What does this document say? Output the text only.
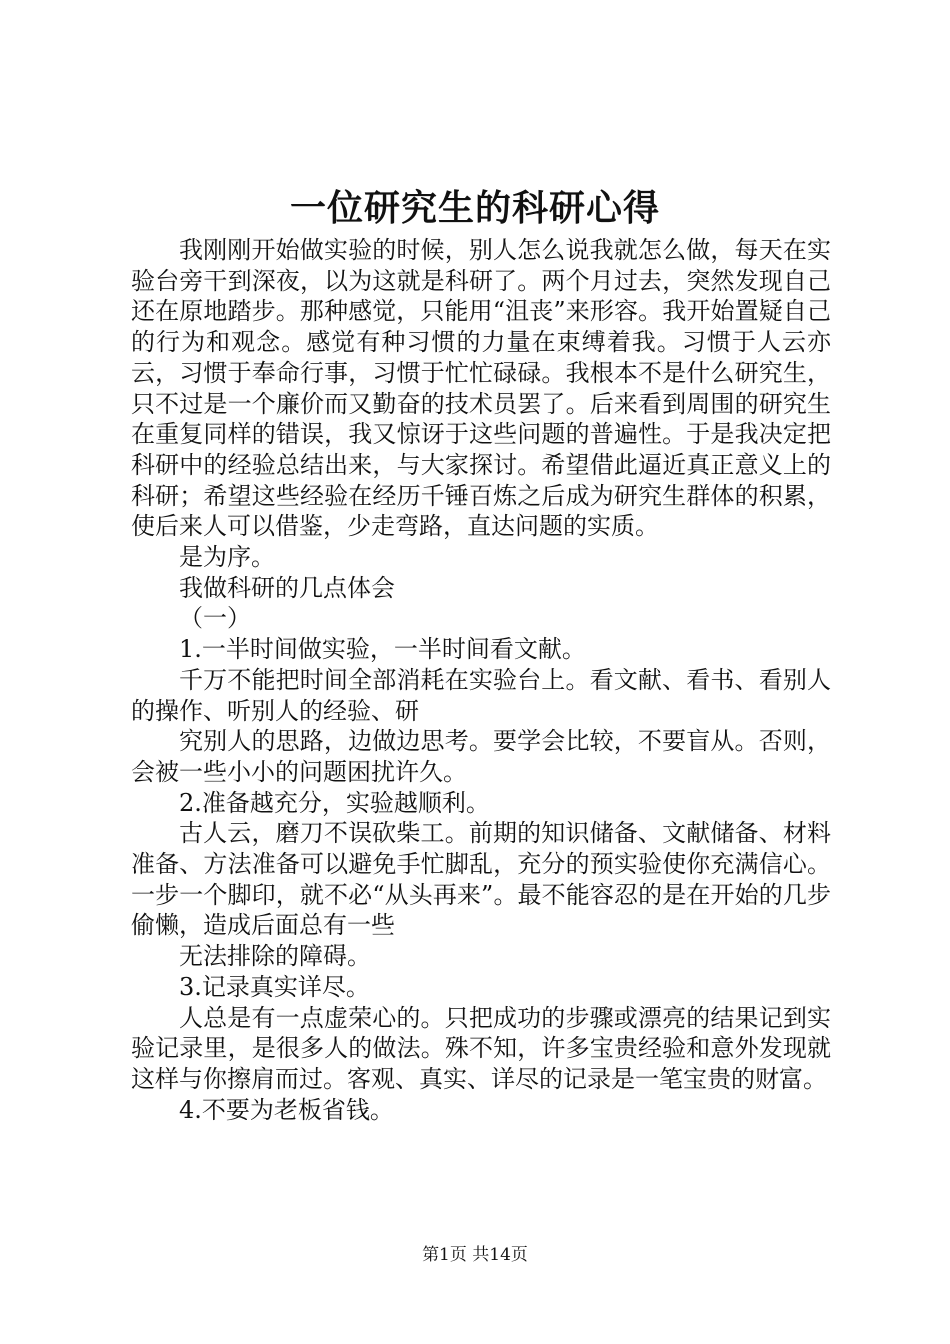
一位研究生的科研心得

我刚刚开始做实验的时候，别人怎么说我就怎么做，每天在实验台旁干到深夜，以为这就是科研了。两个月过去，突然发现自己还在原地踏步。那种感觉，只能用“沮丧”来形容。我开始置疑自己的行为和观念。感觉有种习惯的力量在束缚着我。习惯于人云亦云，习惯于奉命行事，习惯于忙忙碌碌。我根本不是什么研究生，只不过是一个廉价而又勤奋的技术员罢了。后来看到周围的研究生在重复同样的错误，我又惊讶于这些问题的普遍性。于是我决定把科研中的经验总结出来，与大家探讨。希望借此逼近真正意义上的科研；希望这些经验在经历千锤百炼之后成为研究生群体的积累，使后来人可以借鉴，少走弯路，直达问题的实质。

是为序。

我做科研的几点体会

（一）

1.一半时间做实验，一半时间看文献。

千万不能把时间全部消耗在实验台上。看文献、看书、看别人的操作、听别人的经验、研

究别人的思路，边做边思考。要学会比较，不要盲从。否则，会被一些小小的问题困扰许久。

2.准备越充分，实验越顺利。

古人云，磨刀不误砍柴工。前期的知识储备、文献储备、材料准备、方法准备可以避免手忙脚乱，充分的预实验使你充满信心。一步一个脚印，就不必“从头再来”。最不能容忍的是在开始的几步偷懒，造成后面总有一些

无法排除的障碍。

3.记录真实详尽。

人总是有一点虚荣心的。只把成功的步骤或漂亮的结果记到实验记录里，是很多人的做法。殊不知，许多宝贵经验和意外发现就这样与你擦肩而过。客观、真实、详尽的记录是一笔宝贵的财富。

4.不要为老板省钱。

第1页 共14页
